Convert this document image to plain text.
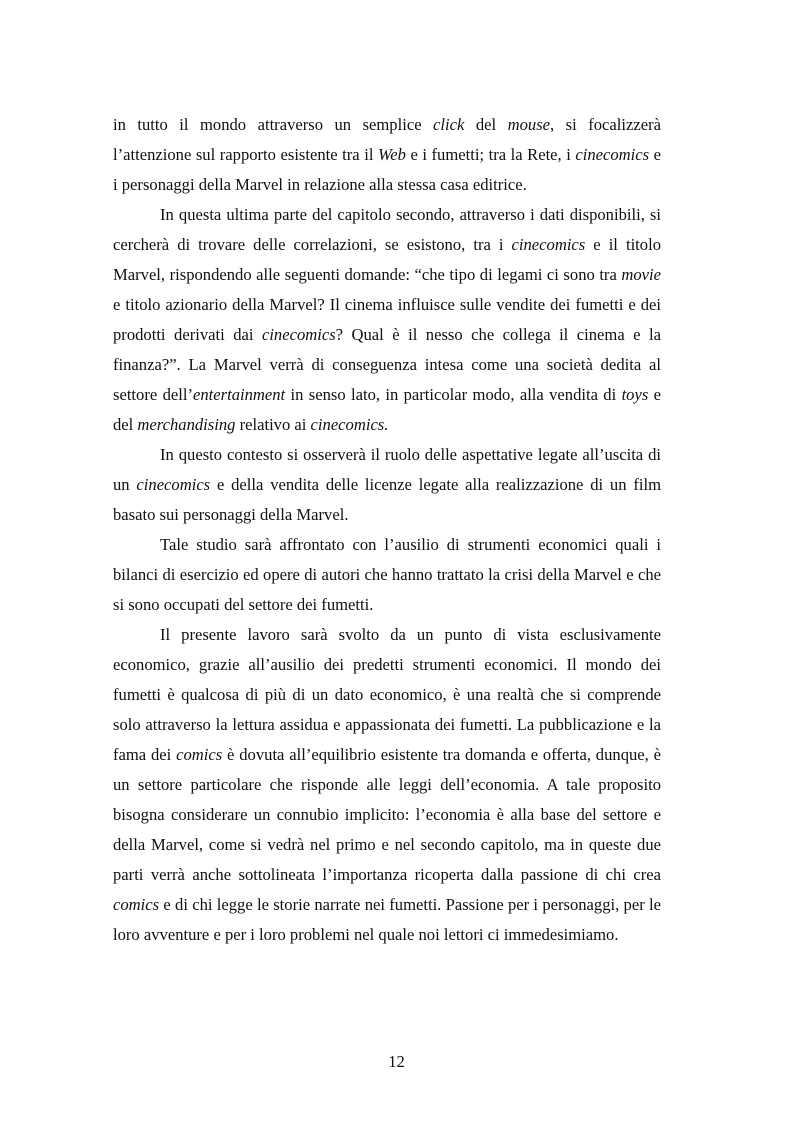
in tutto il mondo attraverso un semplice click del mouse, si focalizzerà l’attenzione sul rapporto esistente tra il Web e i fumetti; tra la Rete, i cinecomics e i personaggi della Marvel in relazione alla stessa casa editrice.

In questa ultima parte del capitolo secondo, attraverso i dati disponibili, si cercherà di trovare delle correlazioni, se esistono, tra i cinecomics e il titolo Marvel, rispondendo alle seguenti domande: “che tipo di legami ci sono tra movie e titolo azionario della Marvel? Il cinema influisce sulle vendite dei fumetti e dei prodotti derivati dai cinecomics? Qual è il nesso che collega il cinema e la finanza?”. La Marvel verrà di conseguenza intesa come una società dedita al settore dell’entertainment in senso lato, in particolar modo, alla vendita di toys e del merchandising relativo ai cinecomics.

In questo contesto si osserverà il ruolo delle aspettative legate all’uscita di un cinecomics e della vendita delle licenze legate alla realizzazione di un film basato sui personaggi della Marvel.

Tale studio sarà affrontato con l’ausilio di strumenti economici quali i bilanci di esercizio ed opere di autori che hanno trattato la crisi della Marvel e che si sono occupati del settore dei fumetti.

Il presente lavoro sarà svolto da un punto di vista esclusivamente economico, grazie all’ausilio dei predetti strumenti economici. Il mondo dei fumetti è qualcosa di più di un dato economico, è una realtà che si comprende solo attraverso la lettura assidua e appassionata dei fumetti. La pubblicazione e la fama dei comics è dovuta all’equilibrio esistente tra domanda e offerta, dunque, è un settore particolare che risponde alle leggi dell’economia. A tale proposito bisogna considerare un connubio implicito: l’economia è alla base del settore e della Marvel, come si vedrà nel primo e nel secondo capitolo, ma in queste due parti verrà anche sottolineata l’importanza ricoperta dalla passione di chi crea comics e di chi legge le storie narrate nei fumetti. Passione per i personaggi, per le loro avventure e per i loro problemi nel quale noi lettori ci immedesimiamo.

12
